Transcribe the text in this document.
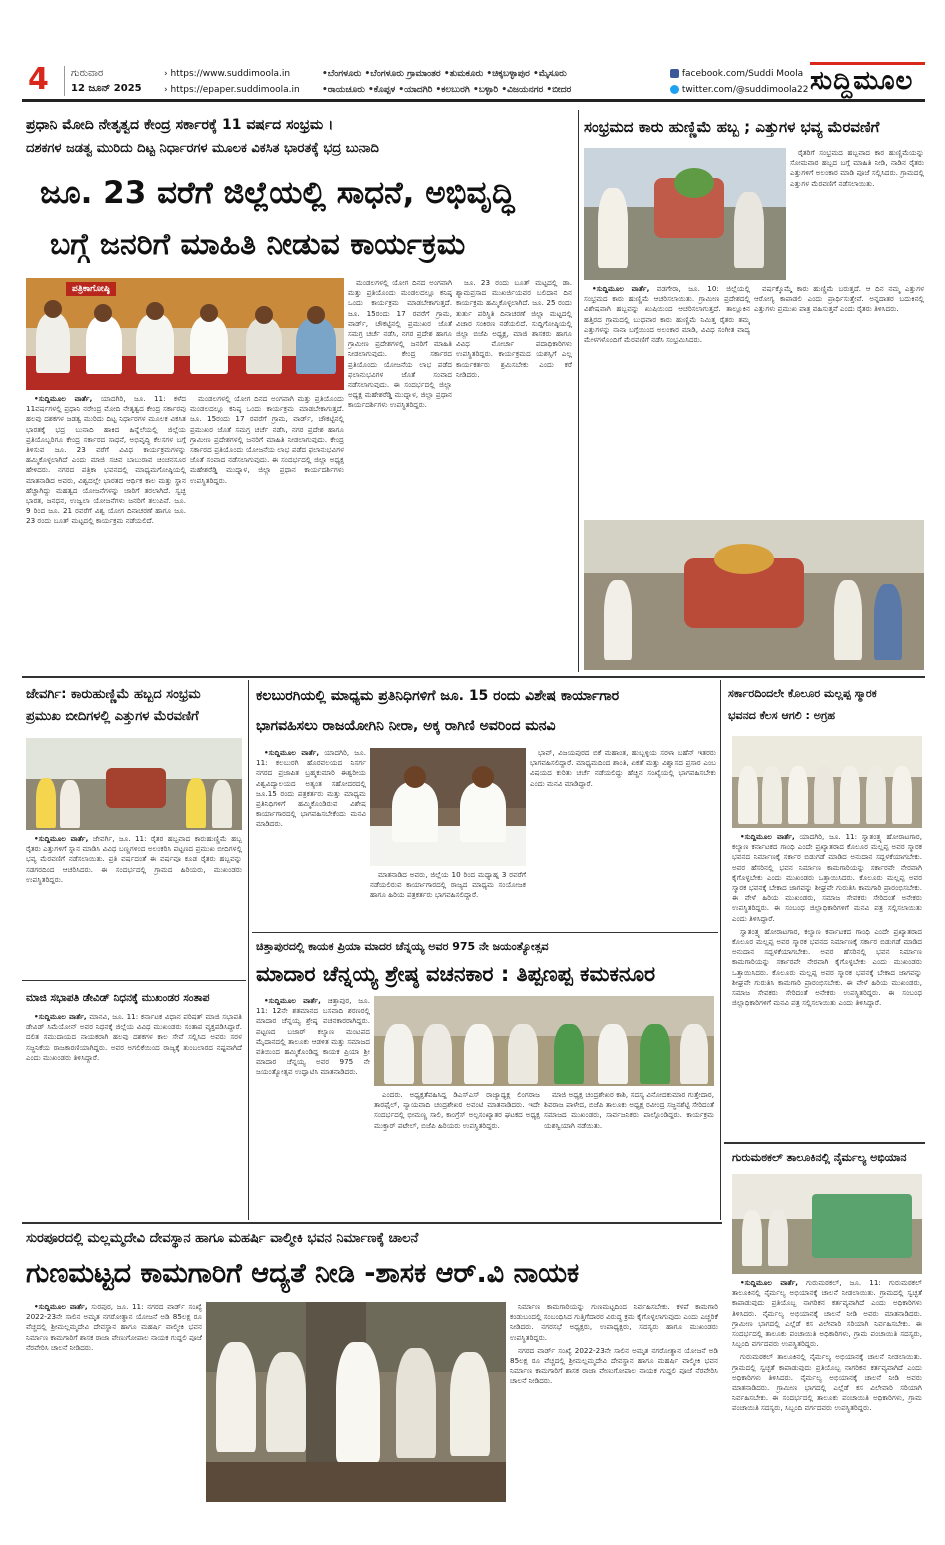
4 ಗುರುವಾರ
12 ಜೂನ್ 2025
› https://www.suddimoola.in
› https://epaper.suddimoola.in
•ಬೆಂಗಳೂರು •ಬೆಂಗಳೂರು ಗ್ರಾಮಾಂತರ •ತುಮಕೂರು •ಚಿಕ್ಕಬಳ್ಳಾಪುರ •ಮೈಸೂರು
•ರಾಯಚೂರು •ಕೊಪ್ಪಳ •ಯಾದಗಿರಿ •ಕಲಬುರಗಿ •ಬಳ್ಳಾರಿ •ವಿಜಯನಗರ •ಬೀದರ
facebook.com/Suddi Moola
twitter.com/@suddimoola22 ಸುದ್ದಿಮೂಲ
ಪ್ರಧಾನಿ ಮೋದಿ ನೇತೃತ್ವದ ಕೇಂದ್ರ ಸರ್ಕಾರಕ್ಕೆ 11 ವರ್ಷದ ಸಂಭ್ರಮ ।
ದಶಕಗಳ ಜಡತ್ವ ಮುರಿದು ದಿಟ್ಟ ನಿರ್ಧಾರಗಳ ಮೂಲಕ ವಿಕಸಿತ ಭಾರತಕ್ಕೆ ಭದ್ರ ಬುನಾದಿ
ಜೂ. 23 ವರೆಗೆ ಜಿಲ್ಲೆಯಲ್ಲಿ ಸಾಧನೆ, ಅಭಿವೃದ್ಧಿ
ಬಗ್ಗೆ ಜನರಿಗೆ ಮಾಹಿತಿ ನೀಡುವ ಕಾರ್ಯಕ್ರಮ
ಪತ್ರಿಕಾಗೋಷ್ಠಿ

•ಸುದ್ದಿಮೂಲ ವಾರ್ತೆ, ಯಾದಗಿರಿ, ಜೂ. 11: ಕಳೆದ 11ವರ್ಷಗಳಲ್ಲಿ ಪ್ರಧಾನಿ ನರೇಂದ್ರ ಮೋದಿ ನೇತೃತ್ವದ ಕೇಂದ್ರ ಸರ್ಕಾರವು ಹಲವು ದಶಕಗಳ ಜಡತ್ವ ಮುರಿದು ದಿಟ್ಟ ನಿರ್ಧಾರಗಳ ಮೂಲಕ ವಿಕಸಿತ ಭಾರತಕ್ಕೆ ಭದ್ರ ಬುನಾದಿ ಹಾಕಿದ ಹಿನ್ನೆಲೆಯಲ್ಲಿ ಜಿಲ್ಲೆಯ ಪ್ರತಿಯೊಬ್ಬರಿಗೂ ಕೇಂದ್ರ ಸರ್ಕಾರದ ಸಾಧನೆ, ಅಭಿವೃದ್ಧಿ ಕೆಲಸಗಳ ಬಗ್ಗೆ ತಿಳಿಸುವ ಜೂ. 23 ವರೆಗೆ ವಿವಿಧ ಕಾರ್ಯಕ್ರಮಗಳನ್ನು ಹಮ್ಮಿಕೊಳ್ಳಲಾಗಿದೆ ಎಂದು ಮಾಜಿ ಸಚಿವ ಬಾಬುರಾವ ಚಿಂಚನಸೂರ ಹೇಳಿದರು. ನಗರದ ಪತ್ರಿಕಾ ಭವನದಲ್ಲಿ ಮಾಧ್ಯಮಗೋಷ್ಠಿಯಲ್ಲಿ ಮಾತನಾಡಿದ ಅವರು, ವಿಶ್ವದಲ್ಲೇ ಭಾರತದ ಆರ್ಥಿಕ ಕಾಲ ಮತ್ತು ಸ್ಥಾನ ಹೆಚ್ಚಾಗಿದ್ದು ಮಹತ್ವದ ಯೋಜನೆಗಳನ್ನು ಜಾರಿಗೆ ತರಲಾಗಿದೆ. ಸ್ವಚ್ಛ ಭಾರತ, ಜನಧನ, ಉಜ್ವಲಾ ಯೋಜನೆಗಳು ಜನರಿಗೆ ತಲುಪಿವೆ. ಜೂ. 9 ರಿಂದ ಜೂ. 21 ರವರೆಗೆ ವಿಶ್ವ ಯೋಗ ದಿನಾಚರಣೆ ಹಾಗೂ ಜೂ. 23 ರಂದು ಬೂತ್ ಮಟ್ಟದಲ್ಲಿ ಕಾರ್ಯಕ್ರಮ ನಡೆಯಲಿದೆ.

ಮಂಡಲಗಳಲ್ಲಿ ಯೋಗ ದಿನದ ಅಂಗವಾಗಿ ಮತ್ತು ಪ್ರತಿಯೊಂದು ಮಂಡಲದಲ್ಲೂ ಕನಿಷ್ಠ ಒಂದು ಕಾರ್ಯಕ್ರಮ ಮಾಡಬೇಕಾಗುತ್ತದೆ. ಜೂ. 15ರಂದು 17 ರವರೆಗೆ ಗ್ರಾಮ, ವಾರ್ಡ್, ಚೌಕಟ್ಟಿನಲ್ಲಿ ಪ್ರಮುಖರ ಜೊತೆ ಸಮಗ್ರ ಚರ್ಚೆ ನಡೆಸಿ, ನಗರ ಪ್ರದೇಶ ಹಾಗೂ ಗ್ರಾಮೀಣ ಪ್ರದೇಶಗಳಲ್ಲಿ ಜನರಿಗೆ ಮಾಹಿತಿ ನೀಡಲಾಗುವುದು. ಕೇಂದ್ರ ಸರ್ಕಾರದ ಪ್ರತಿಯೊಂದು ಯೋಜನೆಯ ಲಾಭ ಪಡೆದ ಫಲಾನುಭವಿಗಳ ಜೊತೆ ಸಂವಾದ ನಡೆಸಲಾಗುವುದು. ಈ ಸಂದರ್ಭದಲ್ಲಿ ಜಿಲ್ಲಾ ಅಧ್ಯಕ್ಷ ಮಹೇಶರೆಡ್ಡಿ ಮುದ್ನಾಳ, ಜಿಲ್ಲಾ ಪ್ರಧಾನ ಕಾರ್ಯದರ್ಶಿಗಳು ಉಪಸ್ಥಿತರಿದ್ದರು.

ಮಂಡಲಗಳಲ್ಲಿ ಯೋಗ ದಿನದ ಅಂಗವಾಗಿ ಮತ್ತು ಪ್ರತಿಯೊಂದು ಮಂಡಲದಲ್ಲೂ ಕನಿಷ್ಠ ಒಂದು ಕಾರ್ಯಕ್ರಮ ಮಾಡಬೇಕಾಗುತ್ತದೆ. ಜೂ. 15ರಂದು 17 ರವರೆಗೆ ಗ್ರಾಮ, ವಾರ್ಡ್, ಚೌಕಟ್ಟಿನಲ್ಲಿ ಪ್ರಮುಖರ ಜೊತೆ ಸಮಗ್ರ ಚರ್ಚೆ ನಡೆಸಿ, ನಗರ ಪ್ರದೇಶ ಹಾಗೂ ಗ್ರಾಮೀಣ ಪ್ರದೇಶಗಳಲ್ಲಿ ಜನರಿಗೆ ಮಾಹಿತಿ ನೀಡಲಾಗುವುದು. ಕೇಂದ್ರ ಸರ್ಕಾರದ ಪ್ರತಿಯೊಂದು ಯೋಜನೆಯ ಲಾಭ ಪಡೆದ ಫಲಾನುಭವಿಗಳ ಜೊತೆ ಸಂವಾದ ನಡೆಸಲಾಗುವುದು. ಈ ಸಂದರ್ಭದಲ್ಲಿ ಜಿಲ್ಲಾ ಅಧ್ಯಕ್ಷ ಮಹೇಶರೆಡ್ಡಿ ಮುದ್ನಾಳ, ಜಿಲ್ಲಾ ಪ್ರಧಾನ ಕಾರ್ಯದರ್ಶಿಗಳು ಉಪಸ್ಥಿತರಿದ್ದರು.

ಜೂ. 23 ರಂದು ಬೂತ್ ಮಟ್ಟದಲ್ಲಿ ಡಾ. ಶ್ಯಾಮಪ್ರಸಾದ ಮುಖರ್ಜಿಯವರ ಬಲಿದಾನ ದಿನ ಕಾರ್ಯಕ್ರಮ ಹಮ್ಮಿಕೊಳ್ಳಲಾಗಿದೆ. ಜೂ. 25 ರಂದು ತುರ್ತು ಪರಿಸ್ಥಿತಿ ದಿನಾಚರಣೆ ಜಿಲ್ಲಾ ಮಟ್ಟದಲ್ಲಿ ವಿಚಾರ ಸಂಕಿರಣ ನಡೆಯಲಿದೆ. ಸುದ್ದಿಗೋಷ್ಠಿಯಲ್ಲಿ ಜಿಲ್ಲಾ ಬಿಜೆಪಿ ಅಧ್ಯಕ್ಷ, ಮಾಜಿ ಶಾಸಕರು ಹಾಗೂ ವಿವಿಧ ಮೋರ್ಚಾ ಪದಾಧಿಕಾರಿಗಳು ಉಪಸ್ಥಿತರಿದ್ದರು. ಕಾರ್ಯಕ್ರಮದ ಯಶಸ್ಸಿಗೆ ಎಲ್ಲ ಕಾರ್ಯಕರ್ತರು ಶ್ರಮಿಸಬೇಕು ಎಂದು ಕರೆ ನೀಡಿದರು.

ಸಂಭ್ರಮದ ಕಾರು ಹುಣ್ಣಿಮೆ ಹಬ್ಬ ; ಎತ್ತುಗಳ ಭವ್ಯ ಮೆರವಣಿಗೆ

ರೈತರಿಗೆ ಸಂಭ್ರಮದ ಹಬ್ಬವಾದ ಕಾರ ಹುಣ್ಣಿಮೆಯನ್ನು ಸೋಮವಾರ ಹಬ್ಬದ ಬಗ್ಗೆ ಮಾಹಿತಿ ನೀಡಿ, ನಾಡಿನ ರೈತರು ಎತ್ತುಗಳಿಗೆ ಅಲಂಕಾರ ಮಾಡಿ ಪೂಜೆ ಸಲ್ಲಿಸಿದರು. ಗ್ರಾಮದಲ್ಲಿ ಎತ್ತುಗಳ ಮೆರವಣಿಗೆ ನಡೆಸಲಾಯಿತು.

•ಸುದ್ದಿಮೂಲ ವಾರ್ತೆ, ವಡಗೇರಾ, ಜೂ. 10: ಜಿಲ್ಲೆಯಲ್ಲಿ ಸಂಭ್ರಮದ ಕಾರು ಹುಣ್ಣಿಮೆ ಆಚರಿಸಲಾಯಿತು. ಗ್ರಾಮೀಣ ಪ್ರದೇಶದಲ್ಲಿ ವಿಶೇಷವಾಗಿ ಹಬ್ಬವನ್ನು ಖುಷಿಯಿಂದ ಆಚರಿಸಲಾಗುತ್ತದೆ. ತಾಲ್ಲೂಕಿನ ಹತ್ತಿರದ ಗ್ರಾಮದಲ್ಲಿ ಬುಧವಾರ ಕಾರು ಹುಣ್ಣಿಮೆ ನಿಮಿತ್ತ ರೈತರು ತಮ್ಮ ಎತ್ತುಗಳನ್ನು ನಾನಾ ಬಗ್ಗೆಯಿಂದ ಅಲಂಕಾರ ಮಾಡಿ, ವಿವಿಧ ಸಂಗೀತ ವಾದ್ಯ ಮೇಳಗಳೊಂದಿಗೆ ಮೆರವಣಿಗೆ ನಡೆಸಿ ಸಂಭ್ರಮಿಸಿದರು.

ವರ್ಷಕ್ಕೊಮ್ಮೆ ಕಾರು ಹುಣ್ಣಿಮೆ ಬರುತ್ತದೆ. ಆ ದಿನ ನಮ್ಮ ಎತ್ತುಗಳ ಆರೋಗ್ಯ ಕಾಪಾಡಲಿ ಎಂದು ಪ್ರಾರ್ಥಿಸುತ್ತೇವೆ. ಅನ್ನದಾತರ ಬದುಕಿನಲ್ಲಿ ಎತ್ತುಗಳು ಪ್ರಮುಖ ಪಾತ್ರ ವಹಿಸುತ್ತವೆ ಎಂದು ರೈತರು ತಿಳಿಸಿದರು.

ಜೇವರ್ಗಿ: ಕಾರುಹುಣ್ಣಿಮೆ ಹಬ್ಬದ ಸಂಭ್ರಮ
ಪ್ರಮುಖ ಬೀದಿಗಳಲ್ಲಿ ಎತ್ತುಗಳ ಮೆರವಣಿಗೆ

•ಸುದ್ದಿಮೂಲ ವಾರ್ತೆ, ಜೇವರ್ಗಿ, ಜೂ. 11: ರೈತರ ಹಬ್ಬವಾದ ಕಾರುಹುಣ್ಣಿಮೆ ಹಬ್ಬ ರೈತರು ಎತ್ತುಗಳಿಗೆ ಸ್ನಾನ ಮಾಡಿಸಿ ವಿವಿಧ ಬಣ್ಣಗಳಿಂದ ಅಲಂಕರಿಸಿ ಪಟ್ಟಣದ ಪ್ರಮುಖ ಬೀದಿಗಳಲ್ಲಿ ಭವ್ಯ ಮೆರವಣಿಗೆ ನಡೆಸಲಾಯಿತು. ಪ್ರತಿ ವರ್ಷದಂತೆ ಈ ವರ್ಷವೂ ಕೂಡ ರೈತರು ಹಬ್ಬವನ್ನು ಸಡಗರದಿಂದ ಆಚರಿಸಿದರು. ಈ ಸಂದರ್ಭದಲ್ಲಿ ಗ್ರಾಮದ ಹಿರಿಯರು, ಮುಖಂಡರು ಉಪಸ್ಥಿತರಿದ್ದರು.

ಮಾಜಿ ಸಭಾಪತಿ ಡೇವಿಡ್ ನಿಧನಕ್ಕೆ ಮುಖಂಡರ ಸಂತಾಪ

•ಸುದ್ದಿಮೂಲ ವಾರ್ತೆ, ಮಾನವಿ, ಜೂ. 11: ಕರ್ನಾಟಕ ವಿಧಾನ ಪರಿಷತ್ ಮಾಜಿ ಸಭಾಪತಿ ಡೇವಿಡ್ ಸಿಮೆಯೋನ್ ಅವರ ನಿಧನಕ್ಕೆ ಜಿಲ್ಲೆಯ ವಿವಿಧ ಮುಖಂಡರು ಸಂತಾಪ ವ್ಯಕ್ತಪಡಿಸಿದ್ದಾರೆ. ದಲಿತ ಸಮುದಾಯದ ನಾಯಕರಾಗಿ ಹಲವು ದಶಕಗಳ ಕಾಲ ಸೇವೆ ಸಲ್ಲಿಸಿದ ಅವರು ಸರಳ ಸಜ್ಜನಿಕೆಯ ರಾಜಕಾರಣಿಯಾಗಿದ್ದರು. ಅವರ ಅಗಲಿಕೆಯಿಂದ ರಾಜ್ಯಕ್ಕೆ ತುಂಬಲಾರದ ನಷ್ಟವಾಗಿದೆ ಎಂದು ಮುಖಂಡರು ತಿಳಿಸಿದ್ದಾರೆ.

ಕಲಬುರಗಿಯಲ್ಲಿ ಮಾಧ್ಯಮ ಪ್ರತಿನಿಧಿಗಳಿಗೆ ಜೂ. 15 ರಂದು ವಿಶೇಷ ಕಾರ್ಯಾಗಾರ
ಭಾಗವಹಿಸಲು ರಾಜಯೋಗಿನಿ ನೀರಾ, ಅಕ್ಕ ರಾಗಿಣಿ ಅವರಿಂದ ಮನವಿ

•ಸುದ್ದಿಮೂಲ ವಾರ್ತೆ, ಯಾದಗಿರಿ, ಜೂ. 11: ಕಲಬುರಗಿ ಹೊರವಲಯದ ನಿಸರ್ಗ ನಗರದ ಪ್ರಜಾಪಿತ ಬ್ರಹ್ಮಕುಮಾರಿ ಈಶ್ವರೀಯ ವಿಶ್ವವಿದ್ಯಾಲಯದ ಅತ್ಯಂತ ಸಹೋದರದಲ್ಲಿ ಜೂ.15 ರಂದು ಪತ್ರಕರ್ತರು ಮತ್ತು ಮಾಧ್ಯಮ ಪ್ರತಿನಿಧಿಗಳಿಗೆ ಹಮ್ಮಿಕೊಂಡಿರುವ ವಿಶೇಷ ಕಾರ್ಯಾಗಾರದಲ್ಲಿ ಭಾಗವಹಿಸಬೇಕೆಂದು ಮನವಿ ಮಾಡಿದರು.

ಮಾತನಾಡಿದ ಅವರು, ಜಿಲ್ಲೆಯ 10 ರಿಂದ ಮಧ್ಯಾಹ್ನ 3 ರವರೆಗೆ ನಡೆಯಲಿರುವ ಕಾರ್ಯಾಗಾರದಲ್ಲಿ ರಾಜ್ಯದ ಮಾಧ್ಯಮ ಸಂಯೋಜಕ ಹಾಗೂ ಹಿರಿಯ ಪತ್ರಕರ್ತರು ಭಾಗವಹಿಸಲಿದ್ದಾರೆ.

ಭಾವ್, ವಿಜಯಪುರದ ಬಿಕೆ ಮಹಾಂತ, ಹುಬ್ಬಳ್ಳಿಯ ಸರಳಾ ಬಹೆನ್ ಇತರರು ಭಾಗವಹಿಸಲಿದ್ದಾರೆ. ಮಾಧ್ಯಮದಿಂದ ಶಾಂತಿ, ಏಕತೆ ಮತ್ತು ವಿಶ್ವಾಸದ ಪ್ರಸಾರ ಎಂಬ ವಿಷಯದ ಕುರಿತು ಚರ್ಚೆ ನಡೆಯಲಿದ್ದು ಹೆಚ್ಚಿನ ಸಂಖ್ಯೆಯಲ್ಲಿ ಭಾಗವಹಿಸಬೇಕು ಎಂದು ಮನವಿ ಮಾಡಿದ್ದಾರೆ.

ಚಿತ್ತಾಪುರದಲ್ಲಿ ಕಾಯಕ ಪ್ರಿಯಾ ಮಾದರ ಚೆನ್ನಯ್ಯ ಅವರ 975 ನೇ ಜಯಂತ್ಯೋತ್ಸವ
ಮಾದಾರ ಚೆನ್ನಯ್ಯ ಶ್ರೇಷ್ಠ ವಚನಕಾರ : ತಿಪ್ಪಣಪ್ಪ ಕಮಕನೂರ

•ಸುದ್ದಿಮೂಲ ವಾರ್ತೆ, ಚಿತ್ತಾಪುರ, ಜೂ. 11: 12ನೇ ಶತಮಾನದ ಬಸವಾದಿ ಶರಣರಲ್ಲಿ ಮಾದಾರ ಚೆನ್ನಯ್ಯ ಶ್ರೇಷ್ಠ ವಚನಕಾರರಾಗಿದ್ದರು. ಪಟ್ಟಣದ ಬಜಾರ್ ಕಲ್ಯಾಣ ಮಂಟಪದ ಮೈದಾನದಲ್ಲಿ ತಾಲೂಕು ಆಡಳಿತ ಮತ್ತು ಸಮಾಜದ ವತಿಯಿಂದ ಹಮ್ಮಿಕೊಂಡಿದ್ದ ಕಾಯಕ ಪ್ರಿಯಾ ಶ್ರೀ ಮಾದಾರ ಚೆನ್ನಯ್ಯ ಅವರ 975 ನೇ ಜಯಂತ್ಯೋತ್ಸವ ಉದ್ಘಾಟಿಸಿ ಮಾತನಾಡಿದರು.

ಎಂದರು. ಅಧ್ಯಕ್ಷತೆವಹಿಸಿದ್ದ ಡಿಎಸ್ಎಸ್ ರಾಜ್ಯಾಧ್ಯಕ್ಷ ಲಿಂಗರಾಜ ತಾರಫೈಲ್, ನ್ಯಾಯವಾದಿ ಚಂದ್ರಶೇಖರ ಅವಂಟಿ ಮಾತನಾಡಿದರು. ಇದೇ ಸಂದರ್ಭದಲ್ಲಿ ಭೀಮಣ್ಣ ಸಾಲಿ, ಕಾಂಗ್ರೆಸ್ ಅಲ್ಪಸಂಖ್ಯಾತರ ಘಟಕದ ಅಧ್ಯಕ್ಷ ಮುಕ್ತಾರ್ ಪಟೇಲ್, ಬಿಜೆಪಿ ಹಿರಿಯರು ಉಪಸ್ಥಿತರಿದ್ದರು.

ಮಾಜಿ ಅಧ್ಯಕ್ಷ ಚಂದ್ರಶೇಖರ ಕಾಶಿ, ಸದಸ್ಯ ವಿನೋದಕುಮಾರ ಗುತ್ತೇದಾರ, ಶಿವರಾಜ ಪಾಳೇದ, ಬಿಜೆಪಿ ತಾಲೂಕು ಅಧ್ಯಕ್ಷ ರವೀಂದ್ರ ಸಜ್ಜನಶೆಟ್ಟಿ ಸೇರಿದಂತೆ ಸಮಾಜದ ಮುಖಂಡರು, ಸಾರ್ವಜನಿಕರು ಪಾಲ್ಗೊಂಡಿದ್ದರು. ಕಾರ್ಯಕ್ರಮ ಯಶಸ್ವಿಯಾಗಿ ನಡೆಯಿತು.

ಸರ್ಕಾರದಿಂದಲೇ ಕೊಲೂರ ಮಲ್ಲಪ್ಪ ಸ್ಮಾರಕ
ಭವನದ ಕೆಲಸ ಆಗಲಿ : ಅಗ್ರಹ

•ಸುದ್ದಿಮೂಲ ವಾರ್ತೆ, ಯಾದಗಿರಿ, ಜೂ. 11: ಸ್ವಾತಂತ್ರ್ಯ ಹೋರಾಟಗಾರ, ಕಲ್ಯಾಣ ಕರ್ನಾಟಕದ ಗಾಂಧಿ ಎಂದೇ ಪ್ರಖ್ಯಾತರಾದ ಕೊಲೂರ ಮಲ್ಲಪ್ಪ ಅವರ ಸ್ಮಾರಕ ಭವನದ ನಿರ್ಮಾಣಕ್ಕೆ ಸರ್ಕಾರ ಬಿಡುಗಡೆ ಮಾಡಿದ ಅನುದಾನ ಸದ್ಬಳಕೆಯಾಗಬೇಕು. ಅವರ ಹೆಸರಿನಲ್ಲಿ ಭವನ ನಿರ್ಮಾಣ ಕಾಮಗಾರಿಯನ್ನು ಸರ್ಕಾರವೇ ನೇರವಾಗಿ ಕೈಗೊಳ್ಳಬೇಕು ಎಂದು ಮುಖಂಡರು ಒತ್ತಾಯಿಸಿದರು. ಕೊಲೂರು ಮಲ್ಲಪ್ಪ ಅವರ ಸ್ಮಾರಕ ಭವನಕ್ಕೆ ಬೇಕಾದ ಜಾಗವನ್ನು ಶೀಘ್ರವೇ ಗುರುತಿಸಿ ಕಾಮಗಾರಿ ಪ್ರಾರಂಭಿಸಬೇಕು. ಈ ವೇಳೆ ಹಿರಿಯ ಮುಖಂಡರು, ಸಮಾಜ ಸೇವಕರು ಸೇರಿದಂತೆ ಅನೇಕರು ಉಪಸ್ಥಿತರಿದ್ದರು. ಈ ಸಂಬಂಧ ಜಿಲ್ಲಾಧಿಕಾರಿಗಳಿಗೆ ಮನವಿ ಪತ್ರ ಸಲ್ಲಿಸಲಾಯಿತು ಎಂದು ತಿಳಿಸಿದ್ದಾರೆ.

ಸ್ವಾತಂತ್ರ್ಯ ಹೋರಾಟಗಾರ, ಕಲ್ಯಾಣ ಕರ್ನಾಟಕದ ಗಾಂಧಿ ಎಂದೇ ಪ್ರಖ್ಯಾತರಾದ ಕೊಲೂರ ಮಲ್ಲಪ್ಪ ಅವರ ಸ್ಮಾರಕ ಭವನದ ನಿರ್ಮಾಣಕ್ಕೆ ಸರ್ಕಾರ ಬಿಡುಗಡೆ ಮಾಡಿದ ಅನುದಾನ ಸದ್ಬಳಕೆಯಾಗಬೇಕು. ಅವರ ಹೆಸರಿನಲ್ಲಿ ಭವನ ನಿರ್ಮಾಣ ಕಾಮಗಾರಿಯನ್ನು ಸರ್ಕಾರವೇ ನೇರವಾಗಿ ಕೈಗೊಳ್ಳಬೇಕು ಎಂದು ಮುಖಂಡರು ಒತ್ತಾಯಿಸಿದರು. ಕೊಲೂರು ಮಲ್ಲಪ್ಪ ಅವರ ಸ್ಮಾರಕ ಭವನಕ್ಕೆ ಬೇಕಾದ ಜಾಗವನ್ನು ಶೀಘ್ರವೇ ಗುರುತಿಸಿ ಕಾಮಗಾರಿ ಪ್ರಾರಂಭಿಸಬೇಕು. ಈ ವೇಳೆ ಹಿರಿಯ ಮುಖಂಡರು, ಸಮಾಜ ಸೇವಕರು ಸೇರಿದಂತೆ ಅನೇಕರು ಉಪಸ್ಥಿತರಿದ್ದರು. ಈ ಸಂಬಂಧ ಜಿಲ್ಲಾಧಿಕಾರಿಗಳಿಗೆ ಮನವಿ ಪತ್ರ ಸಲ್ಲಿಸಲಾಯಿತು ಎಂದು ತಿಳಿಸಿದ್ದಾರೆ.

ಗುರುಮಠಕಲ್ ತಾಲೂಕಿನಲ್ಲಿ ನೈರ್ಮಲ್ಯ ಅಭಿಯಾನ

•ಸುದ್ದಿಮೂಲ ವಾರ್ತೆ, ಗುರುಮಠಕಲ್, ಜೂ. 11: ಗುರುಮಠಕಲ್ ತಾಲೂಕಿನಲ್ಲಿ ನೈರ್ಮಲ್ಯ ಅಭಿಯಾನಕ್ಕೆ ಚಾಲನೆ ನೀಡಲಾಯಿತು. ಗ್ರಾಮದಲ್ಲಿ ಸ್ವಚ್ಛತೆ ಕಾಪಾಡುವುದು ಪ್ರತಿಯೊಬ್ಬ ನಾಗರಿಕನ ಕರ್ತವ್ಯವಾಗಿದೆ ಎಂದು ಅಧಿಕಾರಿಗಳು ತಿಳಿಸಿದರು. ನೈರ್ಮಲ್ಯ ಅಭಿಯಾನಕ್ಕೆ ಚಾಲನೆ ನೀಡಿ ಅವರು ಮಾತನಾಡಿದರು. ಗ್ರಾಮೀಣ ಭಾಗದಲ್ಲಿ ಎಲ್ಲೆಡೆ ಕಸ ವಿಲೇವಾರಿ ಸರಿಯಾಗಿ ನಿರ್ವಹಿಸಬೇಕು. ಈ ಸಂದರ್ಭದಲ್ಲಿ ತಾಲೂಕು ಪಂಚಾಯಿತಿ ಅಧಿಕಾರಿಗಳು, ಗ್ರಾಮ ಪಂಚಾಯಿತಿ ಸದಸ್ಯರು, ಸಿಬ್ಬಂದಿ ವರ್ಗದವರು ಉಪಸ್ಥಿತರಿದ್ದರು.

ಗುರುಮಠಕಲ್ ತಾಲೂಕಿನಲ್ಲಿ ನೈರ್ಮಲ್ಯ ಅಭಿಯಾನಕ್ಕೆ ಚಾಲನೆ ನೀಡಲಾಯಿತು. ಗ್ರಾಮದಲ್ಲಿ ಸ್ವಚ್ಛತೆ ಕಾಪಾಡುವುದು ಪ್ರತಿಯೊಬ್ಬ ನಾಗರಿಕನ ಕರ್ತವ್ಯವಾಗಿದೆ ಎಂದು ಅಧಿಕಾರಿಗಳು ತಿಳಿಸಿದರು. ನೈರ್ಮಲ್ಯ ಅಭಿಯಾನಕ್ಕೆ ಚಾಲನೆ ನೀಡಿ ಅವರು ಮಾತನಾಡಿದರು. ಗ್ರಾಮೀಣ ಭಾಗದಲ್ಲಿ ಎಲ್ಲೆಡೆ ಕಸ ವಿಲೇವಾರಿ ಸರಿಯಾಗಿ ನಿರ್ವಹಿಸಬೇಕು. ಈ ಸಂದರ್ಭದಲ್ಲಿ ತಾಲೂಕು ಪಂಚಾಯಿತಿ ಅಧಿಕಾರಿಗಳು, ಗ್ರಾಮ ಪಂಚಾಯಿತಿ ಸದಸ್ಯರು, ಸಿಬ್ಬಂದಿ ವರ್ಗದವರು ಉಪಸ್ಥಿತರಿದ್ದರು.

ಸುರಪೂರದಲ್ಲಿ ಮಲ್ಲಮ್ಮದೇವಿ ದೇವಸ್ಥಾನ ಹಾಗೂ ಮಹರ್ಷಿ ವಾಲ್ಮೀಕಿ ಭವನ ನಿರ್ಮಾಣಕ್ಕೆ ಚಾಲನೆ
ಗುಣಮಟ್ಟದ ಕಾಮಗಾರಿಗೆ ಆದ್ಯತೆ ನೀಡಿ -ಶಾಸಕ ಆರ್.ವಿ ನಾಯಕ

•ಸುದ್ದಿಮೂಲ ವಾರ್ತೆ, ಸುರಪುರ, ಜೂ. 11: ನಗರದ ವಾರ್ಡ್ ಸಂಖ್ಯೆ 2022-23ನೇ ಸಾಲಿನ ಅಮೃತ ನಗರೋತ್ಥಾನ ಯೋಜನೆ ಅಡಿ 85ಲಕ್ಷ ರೂ ವೆಚ್ಚದಲ್ಲಿ ಶ್ರೀಮಲ್ಲಮ್ಮದೇವಿ ದೇವಸ್ಥಾನ ಹಾಗೂ ಮಹರ್ಷಿ ವಾಲ್ಮೀಕಿ ಭವನ ನಿರ್ಮಾಣ ಕಾಮಗಾರಿಗೆ ಶಾಸಕ ರಾಜಾ ವೇಣುಗೋಪಾಲ ನಾಯಕ ಗುದ್ದಲಿ ಪೂಜೆ ನೆರವೇರಿಸಿ ಚಾಲನೆ ನೀಡಿದರು.

ನಿರ್ಮಾಣ ಕಾಮಗಾರಿಯನ್ನು ಗುಣಮಟ್ಟದಿಂದ ನಿರ್ವಹಿಸಬೇಕು. ಕಳಪೆ ಕಾಮಗಾರಿ ಕಂಡುಬಂದಲ್ಲಿ ಸಂಬಂಧಿಸಿದ ಗುತ್ತಿಗೆದಾರರ ವಿರುದ್ಧ ಕ್ರಮ ಕೈಗೊಳ್ಳಲಾಗುವುದು ಎಂದು ಎಚ್ಚರಿಕೆ ನೀಡಿದರು. ನಗರಸಭೆ ಅಧ್ಯಕ್ಷರು, ಉಪಾಧ್ಯಕ್ಷರು, ಸದಸ್ಯರು ಹಾಗೂ ಮುಖಂಡರು ಉಪಸ್ಥಿತರಿದ್ದರು.

ನಗರದ ವಾರ್ಡ್ ಸಂಖ್ಯೆ 2022-23ನೇ ಸಾಲಿನ ಅಮೃತ ನಗರೋತ್ಥಾನ ಯೋಜನೆ ಅಡಿ 85ಲಕ್ಷ ರೂ ವೆಚ್ಚದಲ್ಲಿ ಶ್ರೀಮಲ್ಲಮ್ಮದೇವಿ ದೇವಸ್ಥಾನ ಹಾಗೂ ಮಹರ್ಷಿ ವಾಲ್ಮೀಕಿ ಭವನ ನಿರ್ಮಾಣ ಕಾಮಗಾರಿಗೆ ಶಾಸಕ ರಾಜಾ ವೇಣುಗೋಪಾಲ ನಾಯಕ ಗುದ್ದಲಿ ಪೂಜೆ ನೆರವೇರಿಸಿ ಚಾಲನೆ ನೀಡಿದರು.
